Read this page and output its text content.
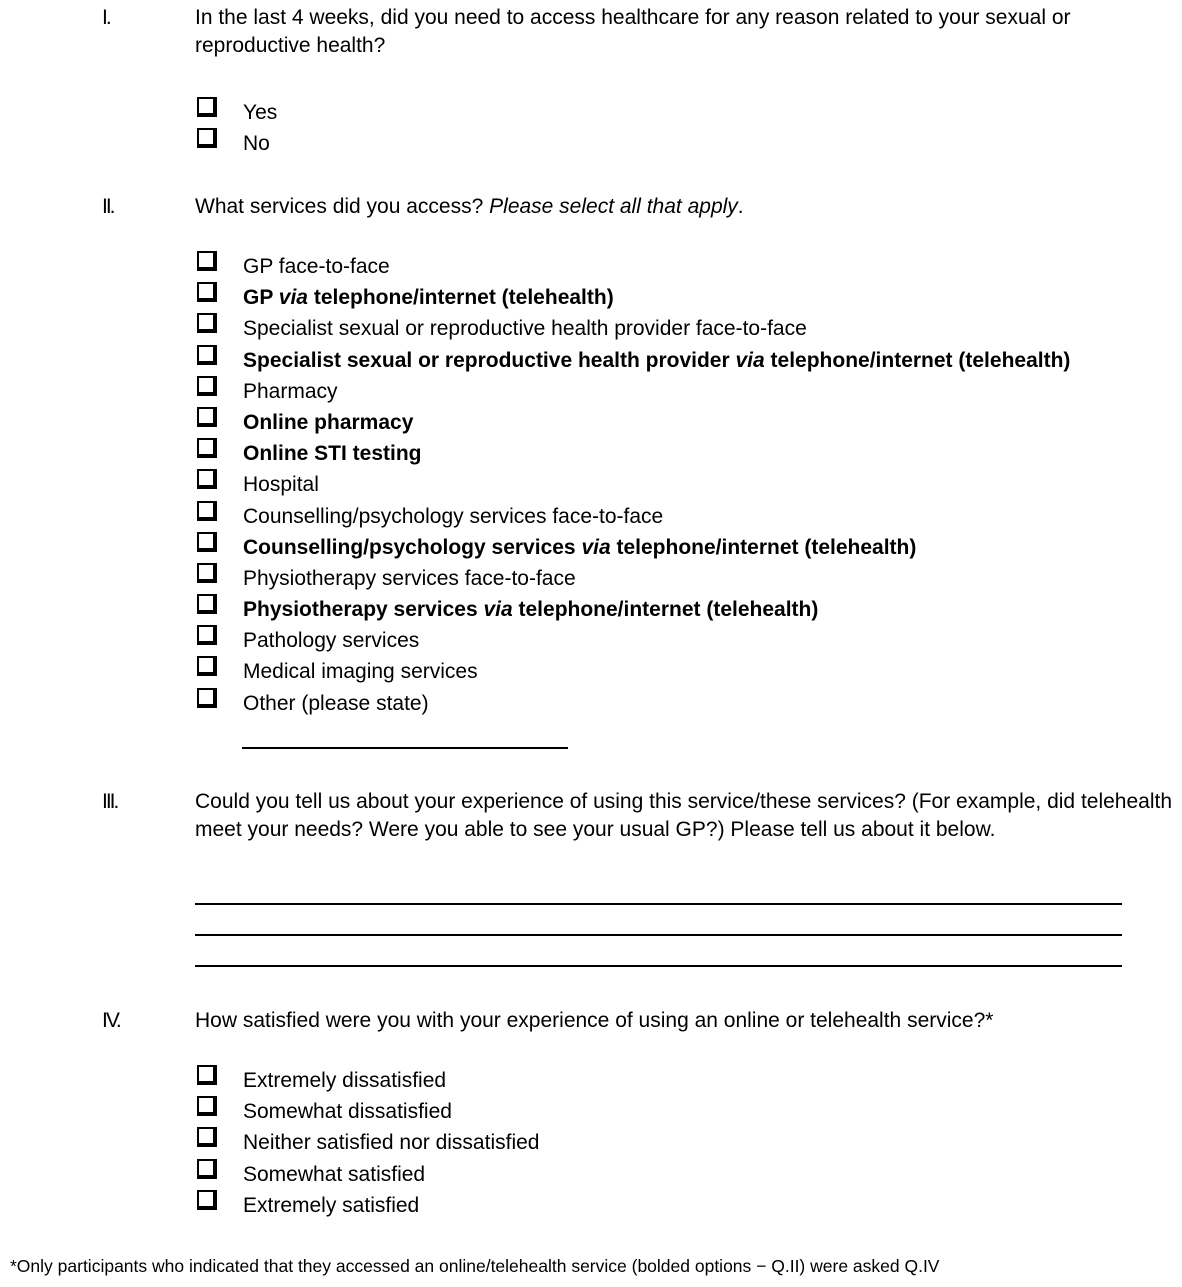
I.	In the last 4 weeks, did you need to access healthcare for any reason related to your sexual or reproductive health?
Yes
No
II.	What services did you access? Please select all that apply.
GP face-to-face
GP via telephone/internet (telehealth)
Specialist sexual or reproductive health provider face-to-face
Specialist sexual or reproductive health provider via telephone/internet (telehealth)
Pharmacy
Online pharmacy
Online STI testing
Hospital
Counselling/psychology services face-to-face
Counselling/psychology services via telephone/internet (telehealth)
Physiotherapy services face-to-face
Physiotherapy services via telephone/internet (telehealth)
Pathology services
Medical imaging services
Other (please state)
III.	Could you tell us about your experience of using this service/these services? (For example, did telehealth meet your needs? Were you able to see your usual GP?) Please tell us about it below.
IV.	How satisfied were you with your experience of using an online or telehealth service?*
Extremely dissatisfied
Somewhat dissatisfied
Neither satisfied nor dissatisfied
Somewhat satisfied
Extremely satisfied
*Only participants who indicated that they accessed an online/telehealth service (bolded options − Q.II) were asked Q.IV
